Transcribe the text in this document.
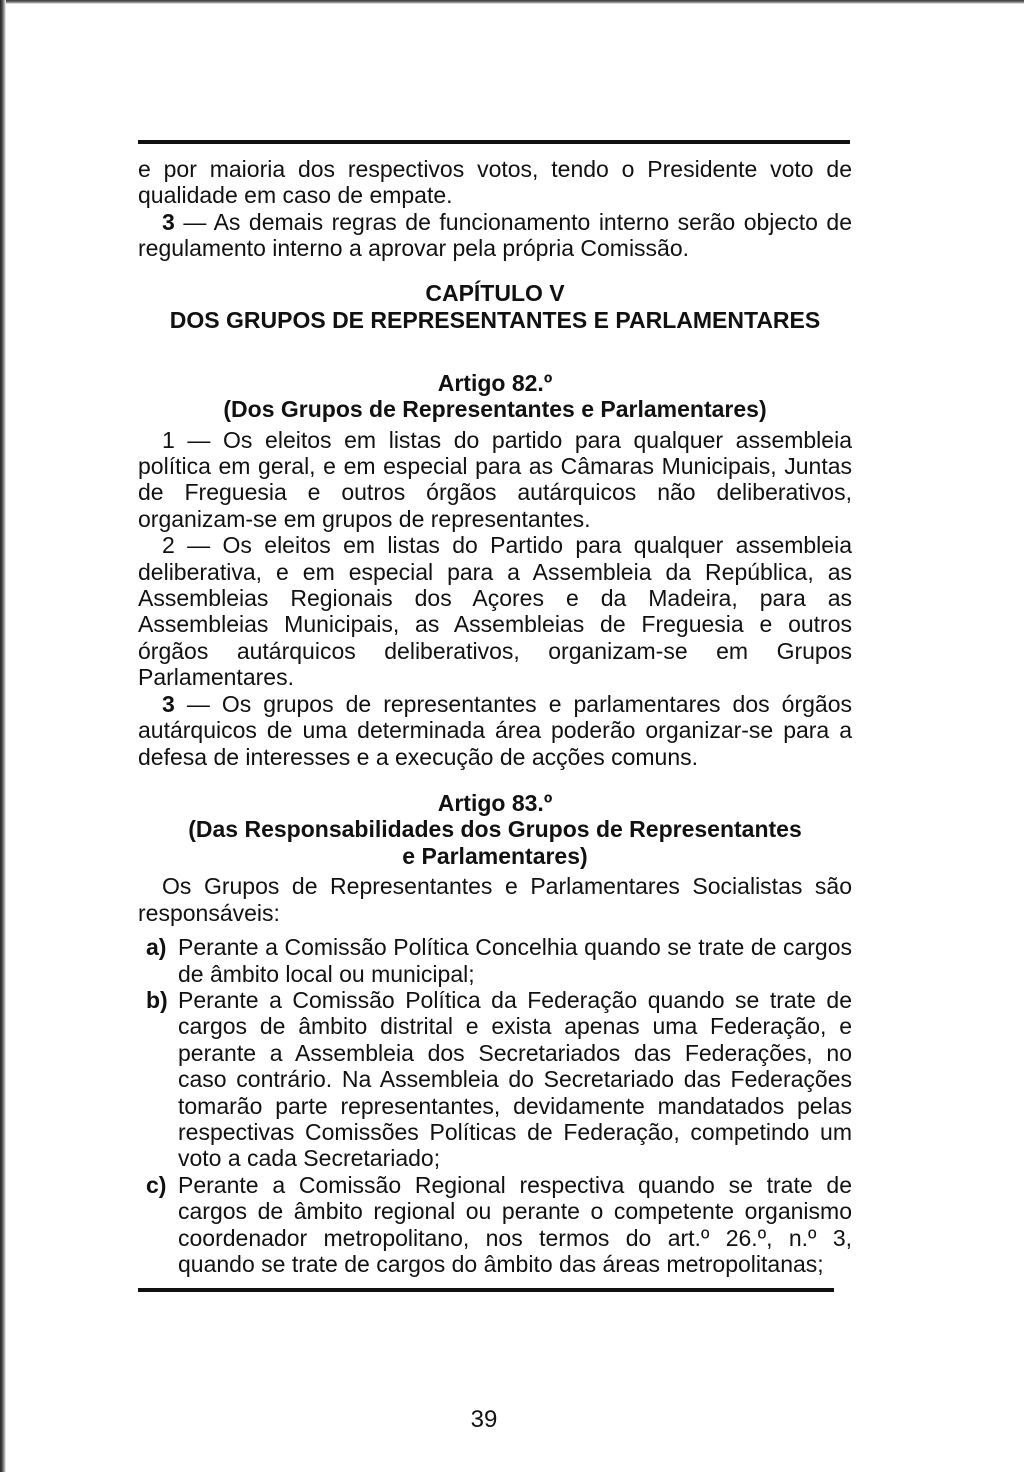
e por maioria dos respectivos votos, tendo o Presidente voto de qualidade em caso de empate.

3 — As demais regras de funcionamento interno serão objecto de regulamento interno a aprovar pela própria Comissão.

CAPÍTULO V
DOS GRUPOS DE REPRESENTANTES E PARLAMENTARES
Artigo 82.º
(Dos Grupos de Representantes e Parlamentares)

1 — Os eleitos em listas do partido para qualquer assembleia política em geral, e em especial para as Câmaras Municipais, Juntas de Freguesia e outros órgãos autárquicos não deliberativos, organizam-se em grupos de representantes.

2 — Os eleitos em listas do Partido para qualquer assembleia deliberativa, e em especial para a Assembleia da República, as Assembleias Regionais dos Açores e da Madeira, para as Assembleias Municipais, as Assembleias de Freguesia e outros órgãos autárquicos deliberativos, organizam-se em Grupos Parlamentares.

3 — Os grupos de representantes e parlamentares dos órgãos autárquicos de uma determinada área poderão organizar-se para a defesa de interesses e a execução de acções comuns.

Artigo 83.º
(Das Responsabilidades dos Grupos de Representantes
e Parlamentares)

Os Grupos de Representantes e Parlamentares Socialistas são responsáveis:

a) Perante a Comissão Política Concelhia quando se trate de cargos de âmbito local ou municipal;
b) Perante a Comissão Política da Federação quando se trate de cargos de âmbito distrital e exista apenas uma Federação, e perante a Assembleia dos Secretariados das Federações, no caso contrário. Na Assembleia do Secretariado das Federações tomarão parte representantes, devidamente mandatados pelas respectivas Comissões Políticas de Federação, competindo um voto a cada Secretariado;
c) Perante a Comissão Regional respectiva quando se trate de cargos de âmbito regional ou perante o competente organismo coordenador metropolitano, nos termos do art.º 26.º, n.º 3, quando se trate de cargos do âmbito das áreas metropolitanas;
39
